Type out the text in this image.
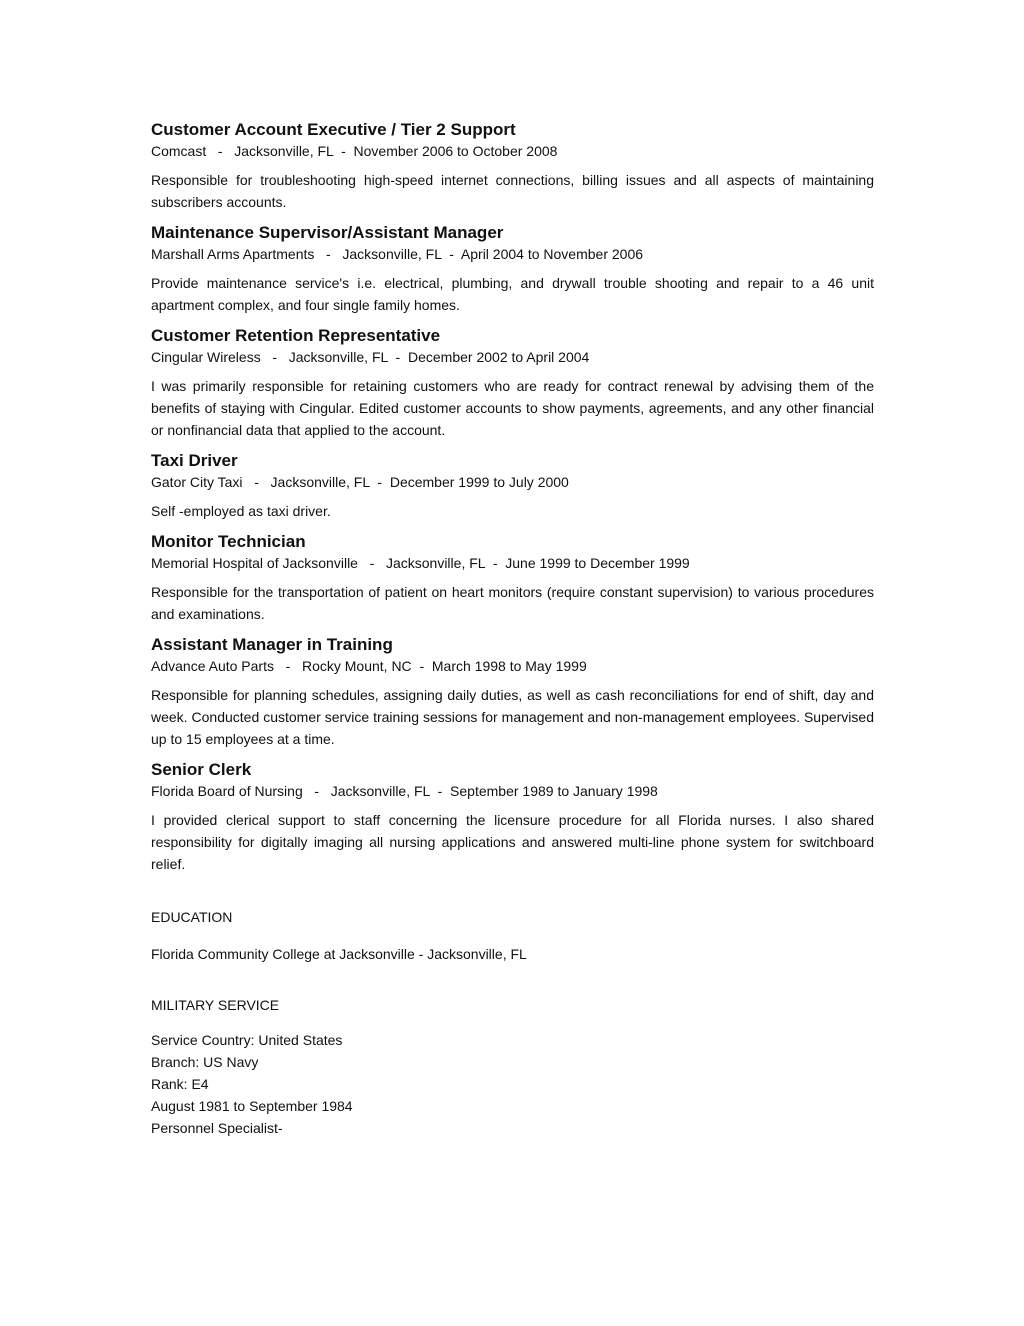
Customer Account Executive / Tier 2 Support

Comcast   -   Jacksonville, FL  -  November 2006 to October 2008

Responsible for troubleshooting high-speed internet connections, billing issues and all aspects of maintaining subscribers accounts.

Maintenance Supervisor/Assistant Manager

Marshall Arms Apartments   -   Jacksonville, FL  -  April 2004 to November 2006

Provide maintenance service's i.e. electrical, plumbing, and drywall trouble shooting and repair to a 46 unit apartment complex, and four single family homes.

Customer Retention Representative

Cingular Wireless   -   Jacksonville, FL  -  December 2002 to April 2004

I was primarily responsible for retaining customers who are ready for contract renewal by advising them of the benefits of staying with Cingular. Edited customer accounts to show payments, agreements, and any other financial or nonfinancial data that applied to the account.

Taxi Driver

Gator City Taxi   -   Jacksonville, FL  -  December 1999 to July 2000

Self -employed as taxi driver.

Monitor Technician

Memorial Hospital of Jacksonville   -   Jacksonville, FL  -  June 1999 to December 1999

Responsible for the transportation of patient on heart monitors (require constant supervision) to various procedures and examinations.

Assistant Manager in Training

Advance Auto Parts   -   Rocky Mount, NC  -  March 1998 to May 1999

Responsible for planning schedules, assigning daily duties, as well as cash reconciliations for end of shift, day and week. Conducted customer service training sessions for management and non-management employees. Supervised up to 15 employees at a time.

Senior Clerk

Florida Board of Nursing   -   Jacksonville, FL  -  September 1989 to January 1998

I provided clerical support to staff concerning the licensure procedure for all Florida nurses. I also shared responsibility for digitally imaging all nursing applications and answered multi-line phone system for switchboard relief.

EDUCATION

Florida Community College at Jacksonville - Jacksonville, FL

MILITARY SERVICE

Service Country: United States

Branch: US Navy

Rank: E4

August 1981 to September 1984

Personnel Specialist-
